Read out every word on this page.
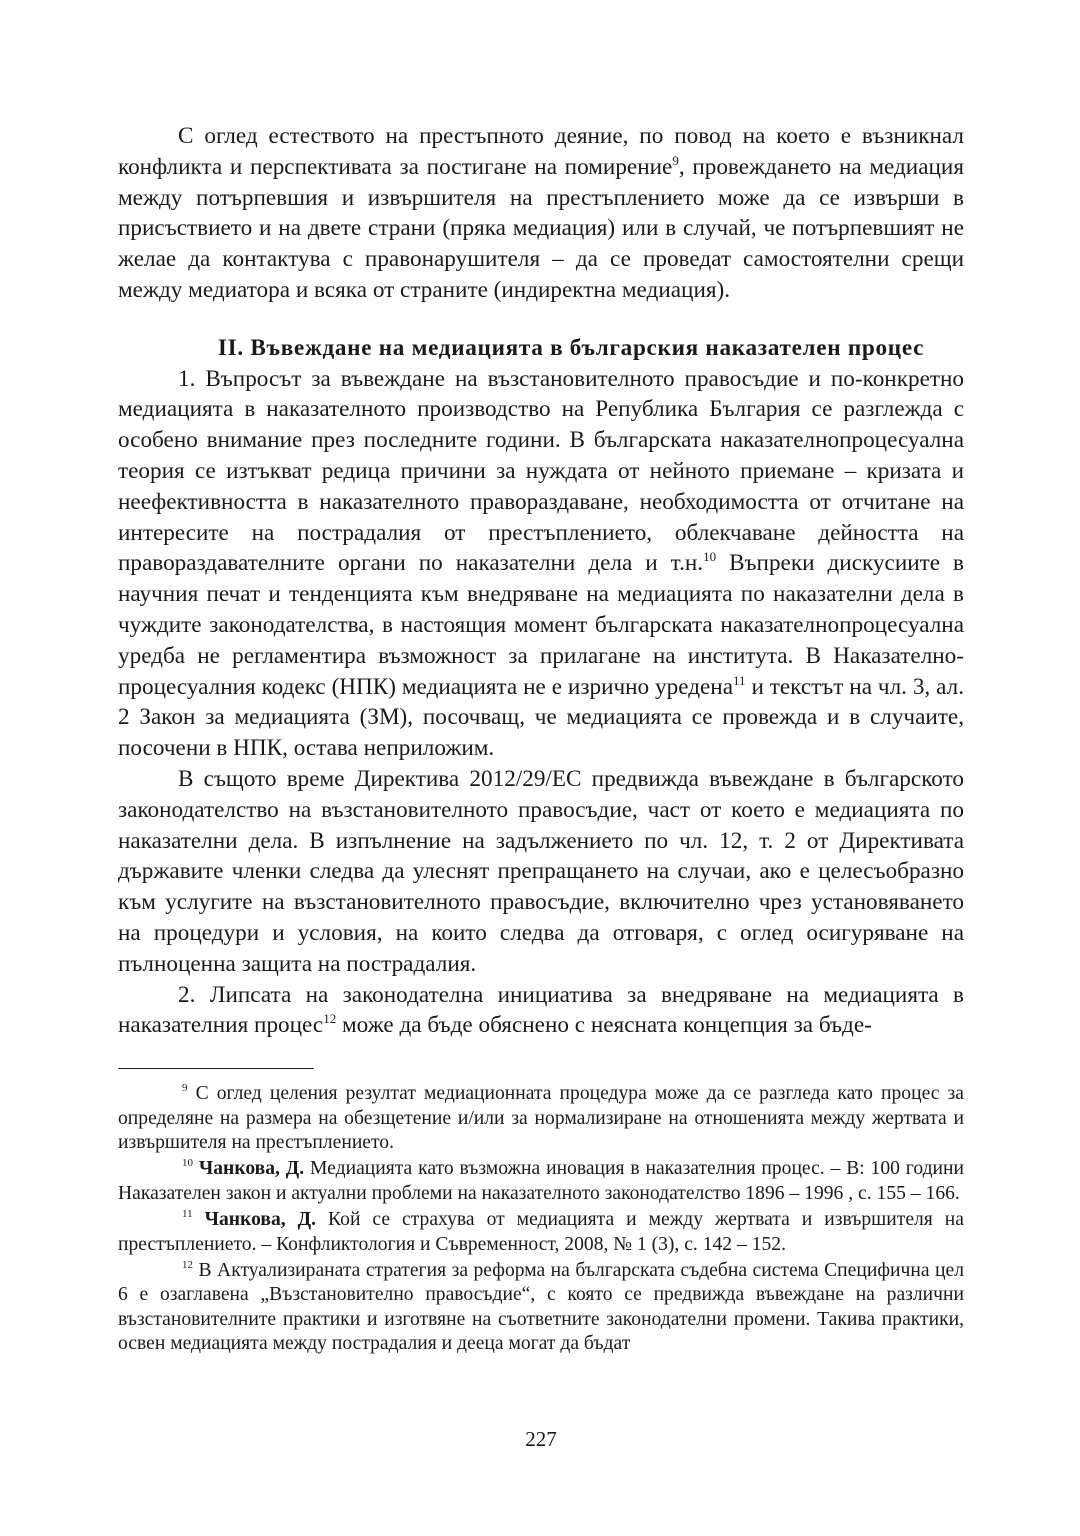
С оглед естеството на престъпното деяние, по повод на което е възникнал конфликта и перспективата за постигане на помирение$^9$, провеждането на медиация между потърпевшия и извършителя на престъплението може да се извърши в присъствието и на двете страни (пряка медиация) или в случай, че потърпевшият не желае да контактува с правонарушителя – да се проведат самостоятелни срещи между медиатора и всяка от страните (индиректна медиация).

II. Въвеждане на медиацията в българския наказателен процес

1. Въпросът за въвеждане на възстановителното правосъдие и по-конкретно медиацията в наказателното производство на Република България се разглежда с особено внимание през последните години. В българската наказателнопроцесуална теория се изтъкват редица причини за нуждата от нейното приемане – кризата и неефективността в наказателното правораздаване, необходимостта от отчитане на интересите на пострадалия от престъплението, облекчаване дейността на правораздавателните органи по наказателни дела и т.н.$^{10}$ Въпреки дискусиите в научния печат и тенденцията към внедряване на медиацията по наказателни дела в чуждите законодателства, в настоящия момент българската наказателнопроцесуална уредба не регламентира възможност за прилагане на института. В Наказателно-процесуалния кодекс (НПК) медиацията не е изрично уредена$^{11}$ и текстът на чл. 3, ал. 2 Закон за медиацията (ЗМ), посочващ, че медиацията се провежда и в случаите, посочени в НПК, остава неприложим.

В същото време Директива 2012/29/ЕС предвижда въвеждане в българското законодателство на възстановителното правосъдие, част от което е медиацията по наказателни дела. В изпълнение на задължението по чл. 12, т. 2 от Директивата държавите членки следва да улеснят препращането на случаи, ако е целесъобразно към услугите на възстановителното правосъдие, включително чрез установяването на процедури и условия, на които следва да отговаря, с оглед осигуряване на пълноценна защита на пострадалия.

2. Липсата на законодателна инициатива за внедряване на медиацията в наказателния процес$^{12}$ може да бъде обяснено с неясната концепция за бъде-

$^9$ С оглед целения резултат медиационната процедура може да се разгледа като процес за определяне на размера на обезщетение и/или за нормализиране на отношенията между жертвата и извършителя на престъплението.

$^{10}$ Чанкова, Д. Медиацията като възможна иновация в наказателния процес. – В: 100 години Наказателен закон и актуални проблеми на наказателното законодателство 1896 – 1996 , с. 155 – 166.

$^{11}$ Чанкова, Д. Кой се страхува от медиацията и между жертвата и извършителя на престъплението. – Конфликтология и Съвременност, 2008, № 1 (3), с. 142 – 152.

$^{12}$ В Актуализираната стратегия за реформа на българската съдебна система Специфична цел 6 е озаглавена „Възстановително правосъдие“, с която се предвижда въвеждане на различни възстановителните практики и изготвяне на съответните законодателни промени. Такива практики, освен медиацията между пострадалия и дееца могат да бъдат

227
